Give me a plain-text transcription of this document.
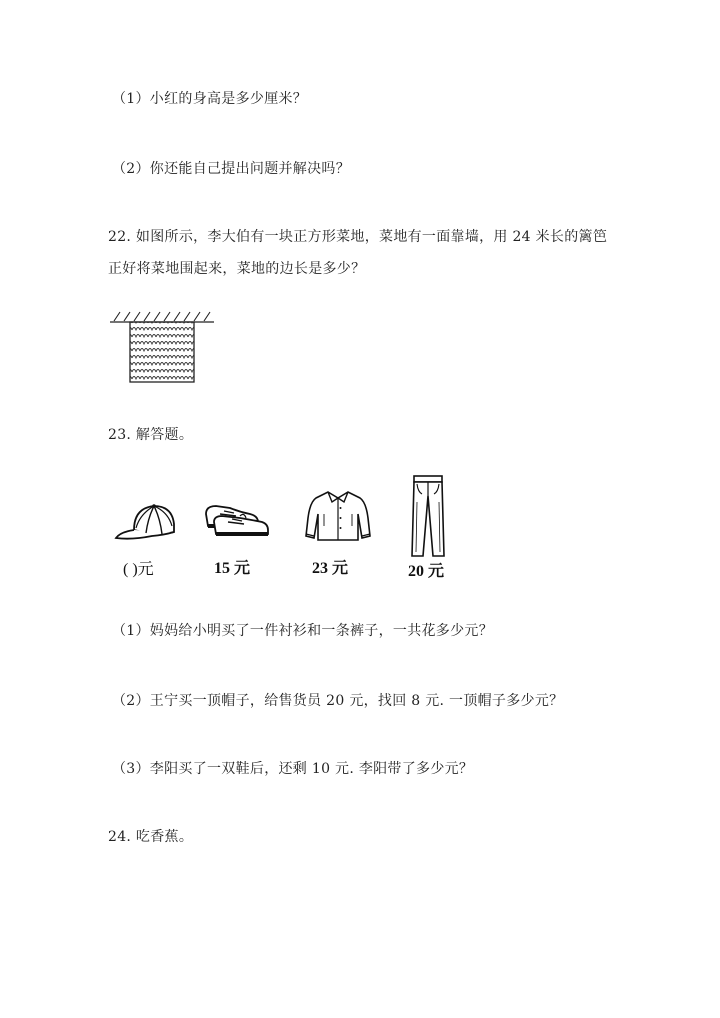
（1）小红的身高是多少厘米？
（2）你还能自己提出问题并解决吗？
22. 如图所示，李大伯有一块正方形菜地，菜地有一面靠墙，用 24 米长的篱笆
正好将菜地围起来，菜地的边长是多少？
23. 解答题。
( )元	15 元	23 元	20 元
（1）妈妈给小明买了一件衬衫和一条裤子，一共花多少元？
（2）王宁买一顶帽子，给售货员 20 元，找回 8 元. 一顶帽子多少元？
（3）李阳买了一双鞋后，还剩 10 元. 李阳带了多少元？
24. 吃香蕉。
